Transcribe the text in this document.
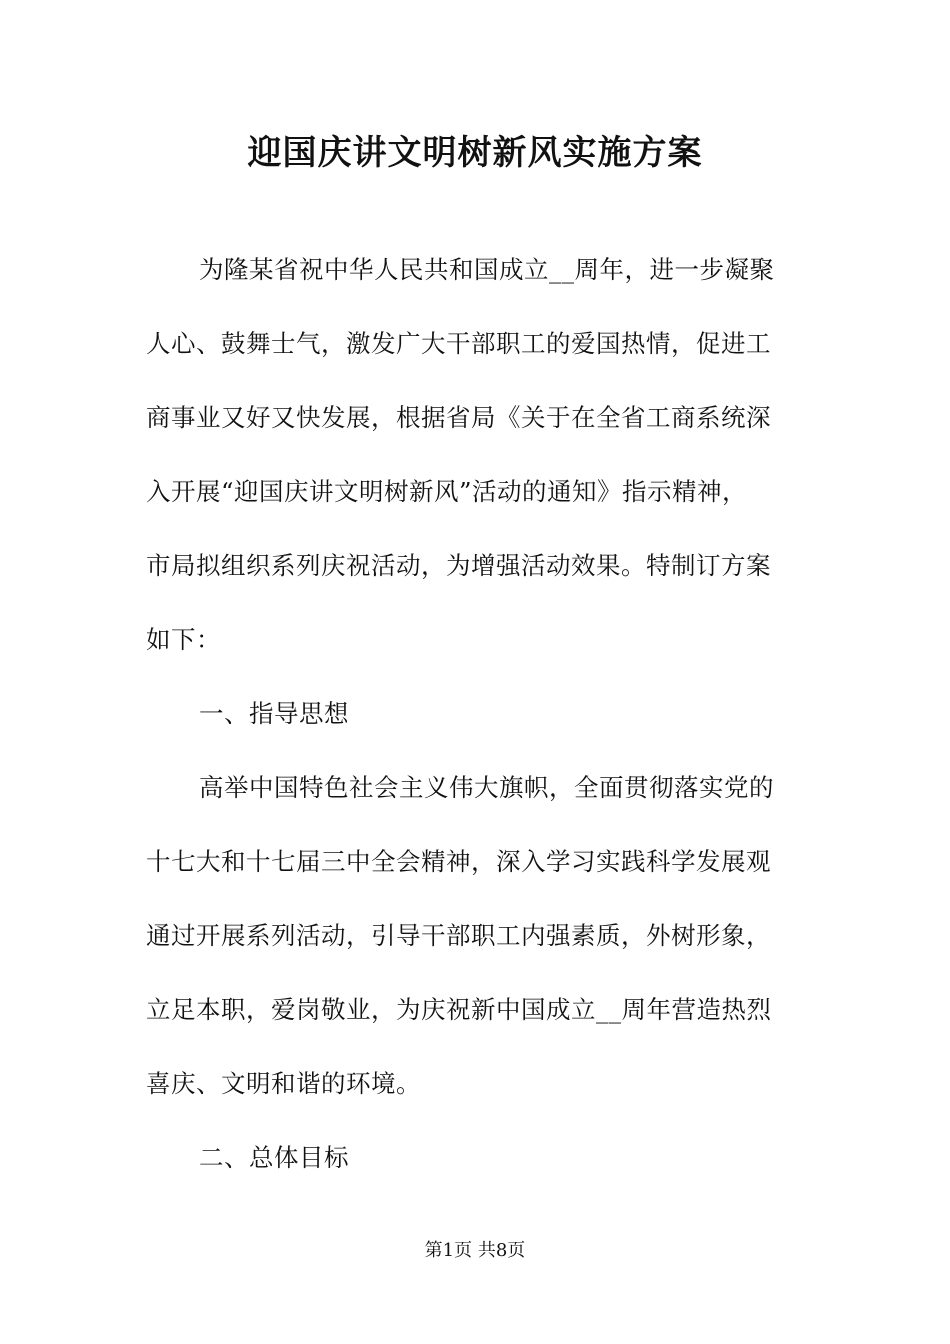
迎国庆讲文明树新风实施方案
为隆某省祝中华人民共和国成立__周年，进一步凝聚
人心、鼓舞士气，激发广大干部职工的爱国热情，促进工
商事业又好又快发展，根据省局《关于在全省工商系统深
入开展“迎国庆讲文明树新风”活动的通知》指示精神，
市局拟组织系列庆祝活动，为增强活动效果。特制订方案
如下：
一、指导思想
高举中国特色社会主义伟大旗帜，全面贯彻落实党的
十七大和十七届三中全会精神，深入学习实践科学发展观
通过开展系列活动，引导干部职工内强素质，外树形象，
立足本职，爱岗敬业，为庆祝新中国成立__周年营造热烈
喜庆、文明和谐的环境。
二、总体目标
第1页 共8页
